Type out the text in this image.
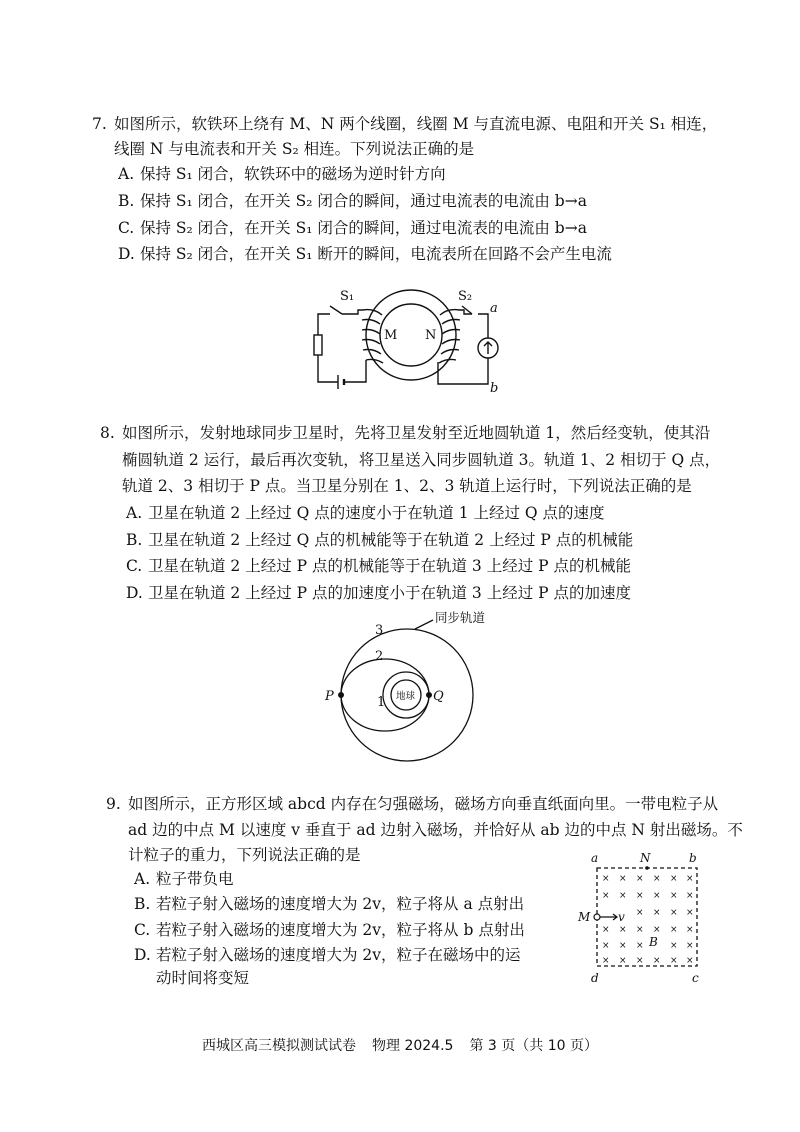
7. 如图所示，软铁环上绕有 M、N 两个线圈，线圈 M 与直流电源、电阻和开关 S₁ 相连，
线圈 N 与电流表和开关 S₂ 相连。下列说法正确的是
A. 保持 S₁ 闭合，软铁环中的磁场为逆时针方向
B. 保持 S₁ 闭合，在开关 S₂ 闭合的瞬间，通过电流表的电流由 b→a
C. 保持 S₂ 闭合，在开关 S₁ 闭合的瞬间，通过电流表的电流由 b→a
D. 保持 S₂ 闭合，在开关 S₁ 断开的瞬间，电流表所在回路不会产生电流
S₁	S₂
M N
a
b
8. 如图所示，发射地球同步卫星时，先将卫星发射至近地圆轨道 1，然后经变轨，使其沿
椭圆轨道 2 运行，最后再次变轨，将卫星送入同步圆轨道 3。轨道 1、2 相切于 Q 点，
轨道 2、3 相切于 P 点。当卫星分别在 1、2、3 轨道上运行时，下列说法正确的是
A. 卫星在轨道 2 上经过 Q 点的速度小于在轨道 1 上经过 Q 点的速度
B. 卫星在轨道 2 上经过 Q 点的机械能等于在轨道 2 上经过 P 点的机械能
C. 卫星在轨道 2 上经过 P 点的机械能等于在轨道 3 上经过 P 点的机械能
D. 卫星在轨道 2 上经过 P 点的加速度小于在轨道 3 上经过 P 点的加速度
3
2
1
同步轨道
地球
P	Q
9. 如图所示，正方形区域 abcd 内存在匀强磁场，磁场方向垂直纸面向里。一带电粒子从
ad 边的中点 M 以速度 v 垂直于 ad 边射入磁场，并恰好从 ab 边的中点 N 射出磁场。不
计粒子的重力，下列说法正确的是
A. 粒子带负电
B. 若粒子射入磁场的速度增大为 2v，粒子将从 a 点射出
C. 若粒子射入磁场的速度增大为 2v，粒子将从 b 点射出
D. 若粒子射入磁场的速度增大为 2v，粒子在磁场中的运
动时间将变短
× × × × × ×
× × × × × ×
× × × ×
× × × × × ×
× × ×	× ×
× × × × × ×
a	b
c
d
N
M v
B
西城区高三模拟测试试卷 物理 2024.5 第 3 页（共 10 页）
